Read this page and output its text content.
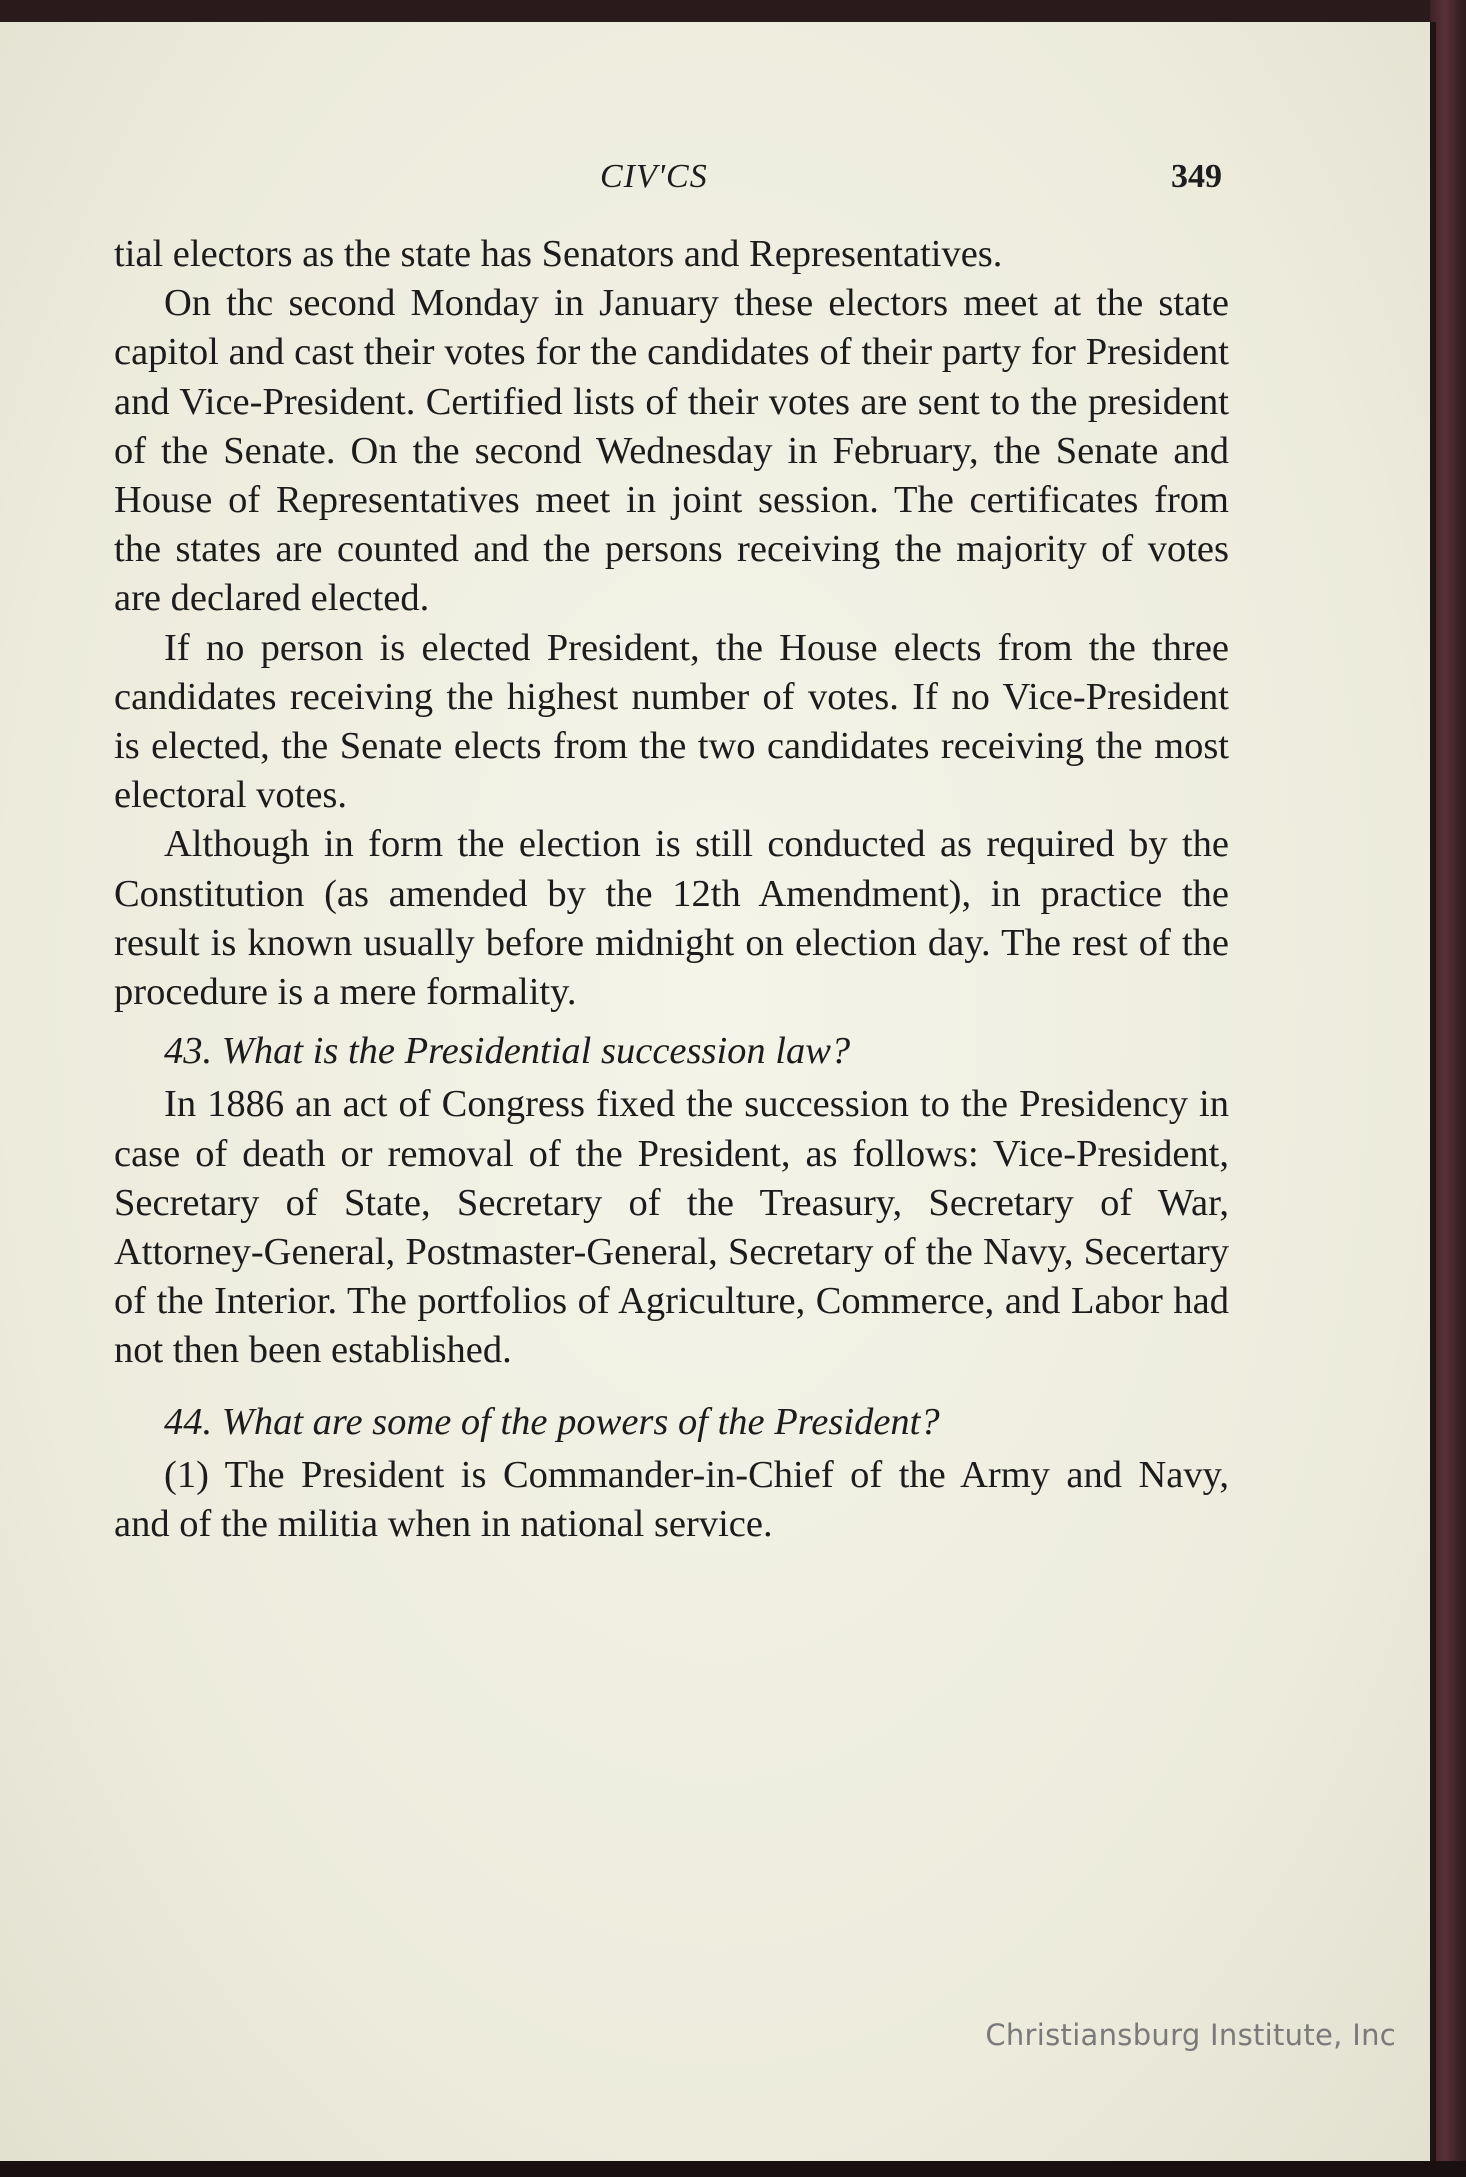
CIV'CS	349

tial electors as the state has Senators and Representatives.

On thc second Monday in January these electors meet at the state capitol and cast their votes for the candidates of their party for President and Vice-President. Certified lists of their votes are sent to the president of the Senate. On the second Wednesday in February, the Senate and House of Representatives meet in joint session. The certificates from the states are counted and the persons receiving the majority of votes are declared elected.

If no person is elected President, the House elects from the three candidates receiving the highest number of votes. If no Vice-President is elected, the Senate elects from the two candidates receiving the most electoral votes.

Although in form the election is still conducted as required by the Constitution (as amended by the 12th Amendment), in practice the result is known usually before midnight on election day. The rest of the procedure is a mere formality.

43. What is the Presidential succession law?

In 1886 an act of Congress fixed the succession to the Presidency in case of death or removal of the President, as follows: Vice-President, Secretary of State, Secretary of the Treasury, Secretary of War, Attorney-General, Postmaster-General, Secretary of the Navy, Secertary of the Interior. The portfolios of Agriculture, Commerce, and Labor had not then been established.

44. What are some of the powers of the President?

(1) The President is Commander-in-Chief of the Army and Navy, and of the militia when in national service.

Christiansburg Institute, Inc
